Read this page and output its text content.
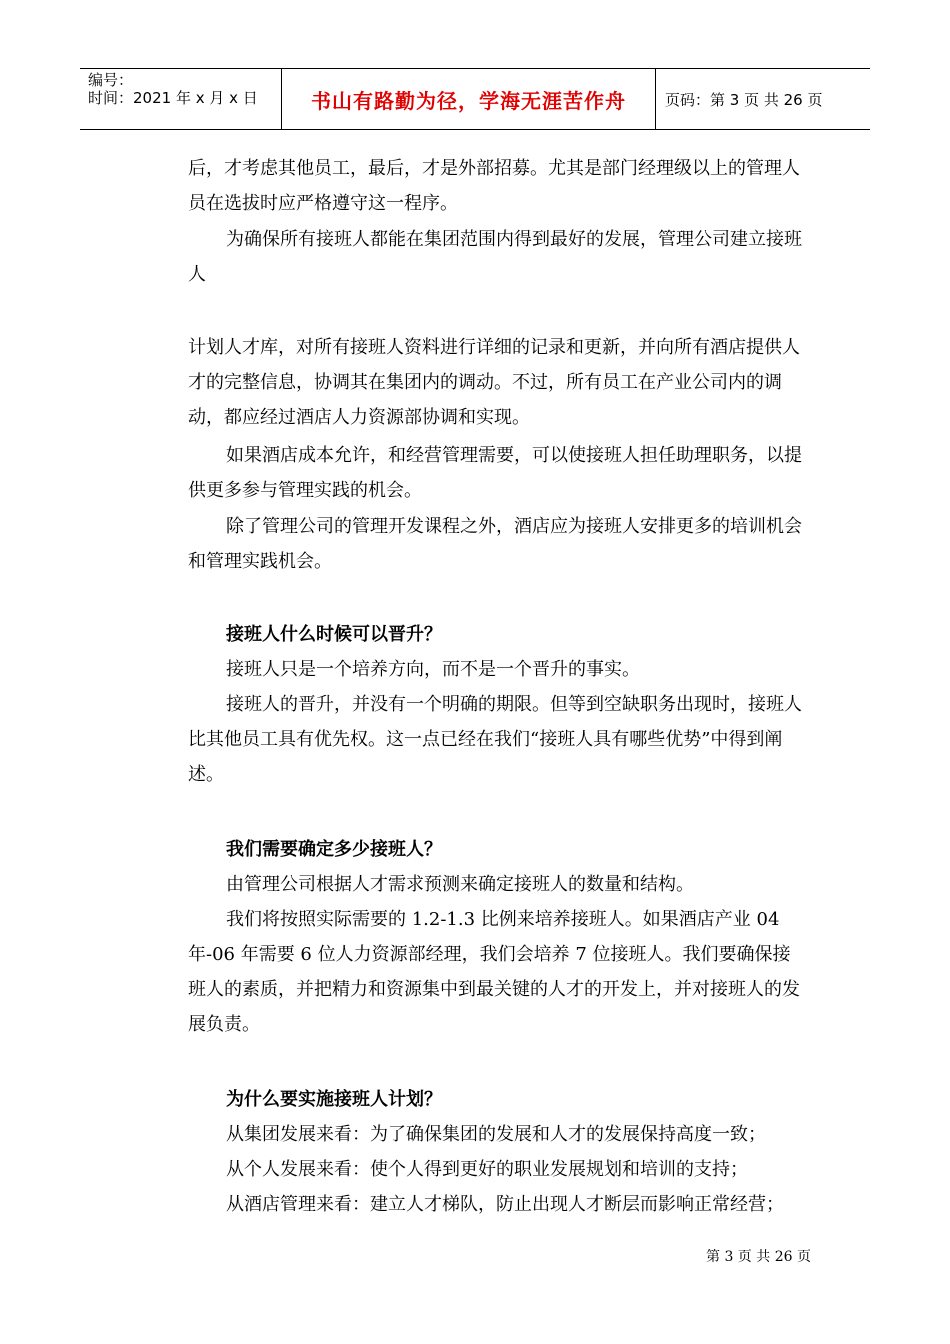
编号：
时间：2021 年 x 月 x 日	书山有路勤为径，学海无涯苦作舟	页码：第 3 页 共 26 页
后，才考虑其他员工，最后，才是外部招募。尤其是部门经理级以上的管理人员在选拔时应严格遵守这一程序。
为确保所有接班人都能在集团范围内得到最好的发展，管理公司建立接班人
计划人才库，对所有接班人资料进行详细的记录和更新，并向所有酒店提供人才的完整信息，协调其在集团内的调动。不过，所有员工在产业公司内的调动，都应经过酒店人力资源部协调和实现。
如果酒店成本允许，和经营管理需要，可以使接班人担任助理职务，以提供更多参与管理实践的机会。
除了管理公司的管理开发课程之外，酒店应为接班人安排更多的培训机会和管理实践机会。
接班人什么时候可以晋升？
接班人只是一个培养方向，而不是一个晋升的事实。
接班人的晋升，并没有一个明确的期限。但等到空缺职务出现时，接班人比其他员工具有优先权。这一点已经在我们“接班人具有哪些优势”中得到阐述。
我们需要确定多少接班人？
由管理公司根据人才需求预测来确定接班人的数量和结构。
我们将按照实际需要的 1.2-1.3 比例来培养接班人。如果酒店产业 04 年-06 年需要 6 位人力资源部经理，我们会培养 7 位接班人。我们要确保接班人的素质，并把精力和资源集中到最关键的人才的开发上，并对接班人的发展负责。
为什么要实施接班人计划？
从集团发展来看：为了确保集团的发展和人才的发展保持高度一致；
从个人发展来看：使个人得到更好的职业发展规划和培训的支持；
从酒店管理来看：建立人才梯队，防止出现人才断层而影响正常经营；
第 3 页 共 26 页
